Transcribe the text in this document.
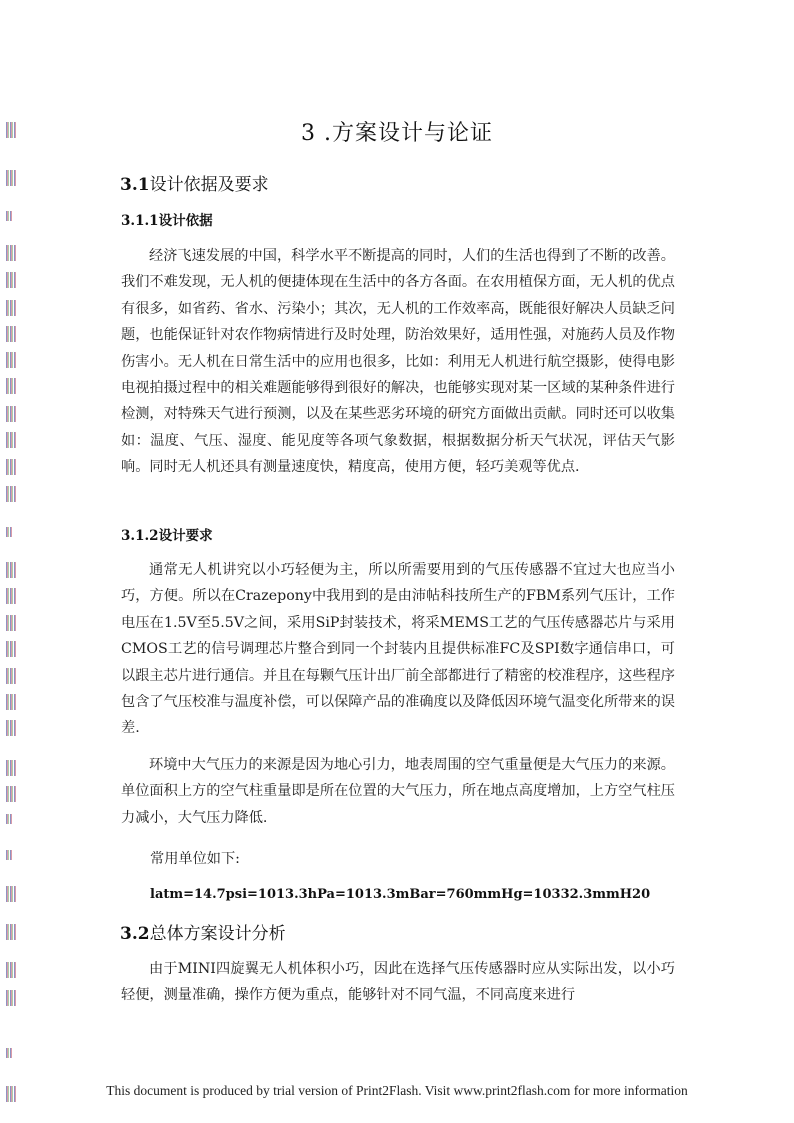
3 .方案设计与论证
3.1设计依据及要求
3.1.1设计依据
经济飞速发展的中国，科学水平不断提高的同时，人们的生活也得到了不断的改善。我们不难发现，无人机的便捷体现在生活中的各方各面。在农用植保方面，无人机的优点有很多，如省药、省水、污染小；其次，无人机的工作效率高，既能很好解决人员缺乏问题，也能保证针对农作物病情进行及时处理，防治效果好，适用性强，对施药人员及作物伤害小。无人机在日常生活中的应用也很多，比如：利用无人机进行航空摄影，使得电影电视拍摄过程中的相关难题能够得到很好的解决，也能够实现对某一区域的某种条件进行检测，对特殊天气进行预测，以及在某些恶劣环境的研究方面做出贡献。同时还可以收集如：温度、气压、湿度、能见度等各项气象数据，根据数据分析天气状况，评估天气影响。同时无人机还具有测量速度快，精度高，使用方便，轻巧美观等优点.
3.1.2设计要求
通常无人机讲究以小巧轻便为主，所以所需要用到的气压传感器不宜过大也应当小巧，方便。所以在Crazepony中我用到的是由沛帖科技所生产的FBM系列气压计，工作电压在1.5V至5.5V之间，采用SiP封装技术，将采MEMS工艺的气压传感器芯片与采用CMOS工艺的信号调理芯片整合到同一个封装内且提供标准FC及SPI数字通信串口，可以跟主芯片进行通信。并且在每颗气压计出厂前全部都进行了精密的校准程序，这些程序包含了气压校准与温度补偿，可以保障产品的准确度以及降低因环境气温变化所带来的误差.
环境中大气压力的来源是因为地心引力，地表周围的空气重量便是大气压力的来源。单位面积上方的空气柱重量即是所在位置的大气压力，所在地点高度增加，上方空气柱压力减小，大气压力降低.
常用单位如下:
latm=14.7psi=1013.3hPa=1013.3mBar=760mmHg=10332.3mmH20
3.2总体方案设计分析
由于MINI四旋翼无人机体积小巧，因此在选择气压传感器时应从实际出发，以小巧轻便，测量准确，操作方便为重点，能够针对不同气温，不同高度来进行
This document is produced by trial version of Print2Flash. Visit www.print2flash.com for more information
